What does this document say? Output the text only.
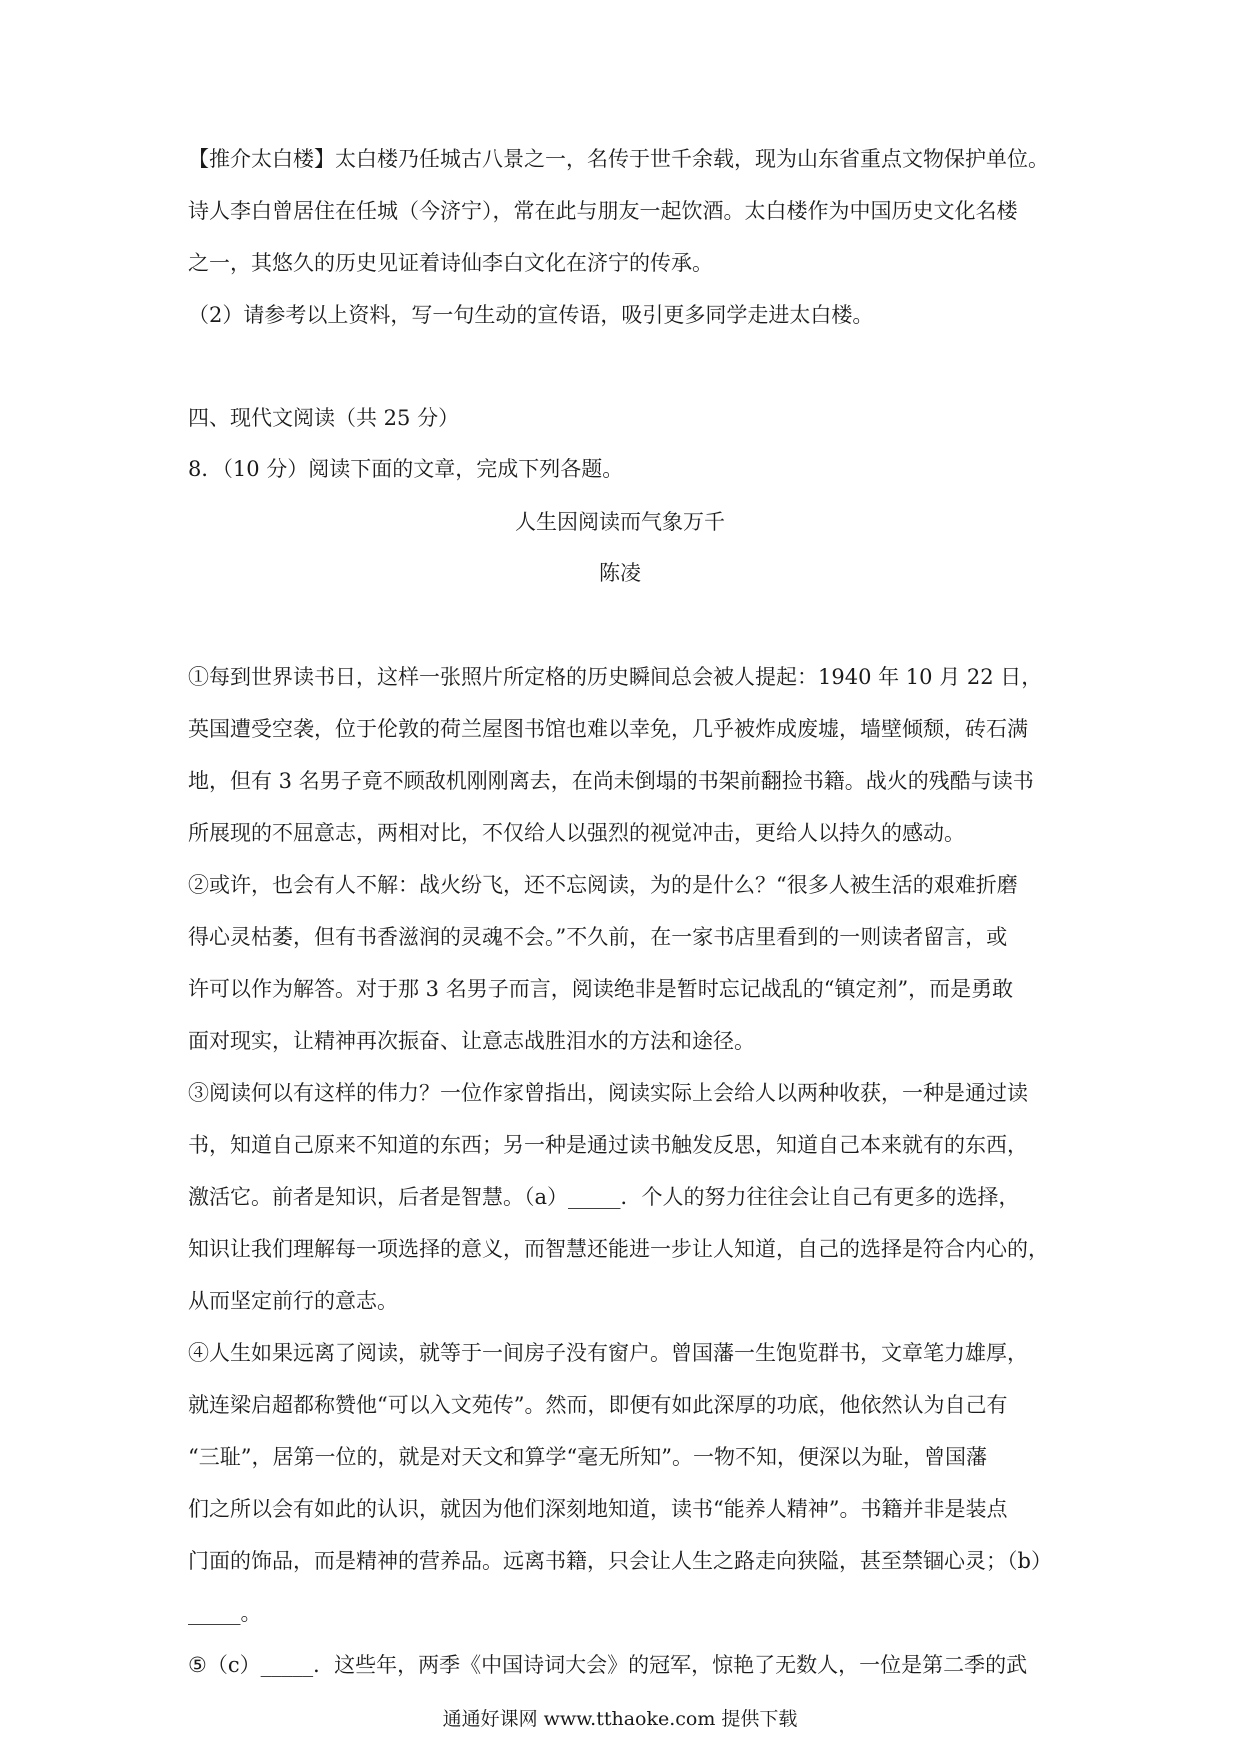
【推介太白楼】太白楼乃任城古八景之一，名传于世千余载，现为山东省重点文物保护单位。
诗人李白曾居住在任城（今济宁），常在此与朋友一起饮酒。太白楼作为中国历史文化名楼
之一，其悠久的历史见证着诗仙李白文化在济宁的传承。
（2）请参考以上资料，写一句生动的宣传语，吸引更多同学走进太白楼。
四、现代文阅读（共 25 分）
8．（10 分）阅读下面的文章，完成下列各题。
人生因阅读而气象万千
陈凌
①每到世界读书日，这样一张照片所定格的历史瞬间总会被人提起：1940 年 10 月 22 日，
英国遭受空袭，位于伦敦的荷兰屋图书馆也难以幸免，几乎被炸成废墟，墙壁倾颓，砖石满
地，但有 3 名男子竟不顾敌机刚刚离去，在尚未倒塌的书架前翻捡书籍。战火的残酷与读书
所展现的不屈意志，两相对比，不仅给人以强烈的视觉冲击，更给人以持久的感动。
②或许，也会有人不解：战火纷飞，还不忘阅读，为的是什么？“很多人被生活的艰难折磨
得心灵枯萎，但有书香滋润的灵魂不会。”不久前，在一家书店里看到的一则读者留言，或
许可以作为解答。对于那 3 名男子而言，阅读绝非是暂时忘记战乱的“镇定剂”，而是勇敢
面对现实，让精神再次振奋、让意志战胜泪水的方法和途径。
③阅读何以有这样的伟力？一位作家曾指出，阅读实际上会给人以两种收获，一种是通过读
书，知道自己原来不知道的东西；另一种是通过读书触发反思，知道自己本来就有的东西，
激活它。前者是知识，后者是智慧。（a）_____．个人的努力往往会让自己有更多的选择，
知识让我们理解每一项选择的意义，而智慧还能进一步让人知道，自己的选择是符合内心的，
从而坚定前行的意志。
④人生如果远离了阅读，就等于一间房子没有窗户。曾国藩一生饱览群书，文章笔力雄厚，
就连梁启超都称赞他“可以入文苑传”。然而，即便有如此深厚的功底，他依然认为自己有
“三耻”，居第一位的，就是对天文和算学“毫无所知”。一物不知，便深以为耻，曾国藩
们之所以会有如此的认识，就因为他们深刻地知道，读书“能养人精神”。书籍并非是装点
门面的饰品，而是精神的营养品。远离书籍，只会让人生之路走向狭隘，甚至禁锢心灵；（b）
_____。
⑤（c）_____．这些年，两季《中国诗词大会》的冠军，惊艳了无数人，一位是第二季的武
通通好课网 www.tthaoke.com 提供下载
